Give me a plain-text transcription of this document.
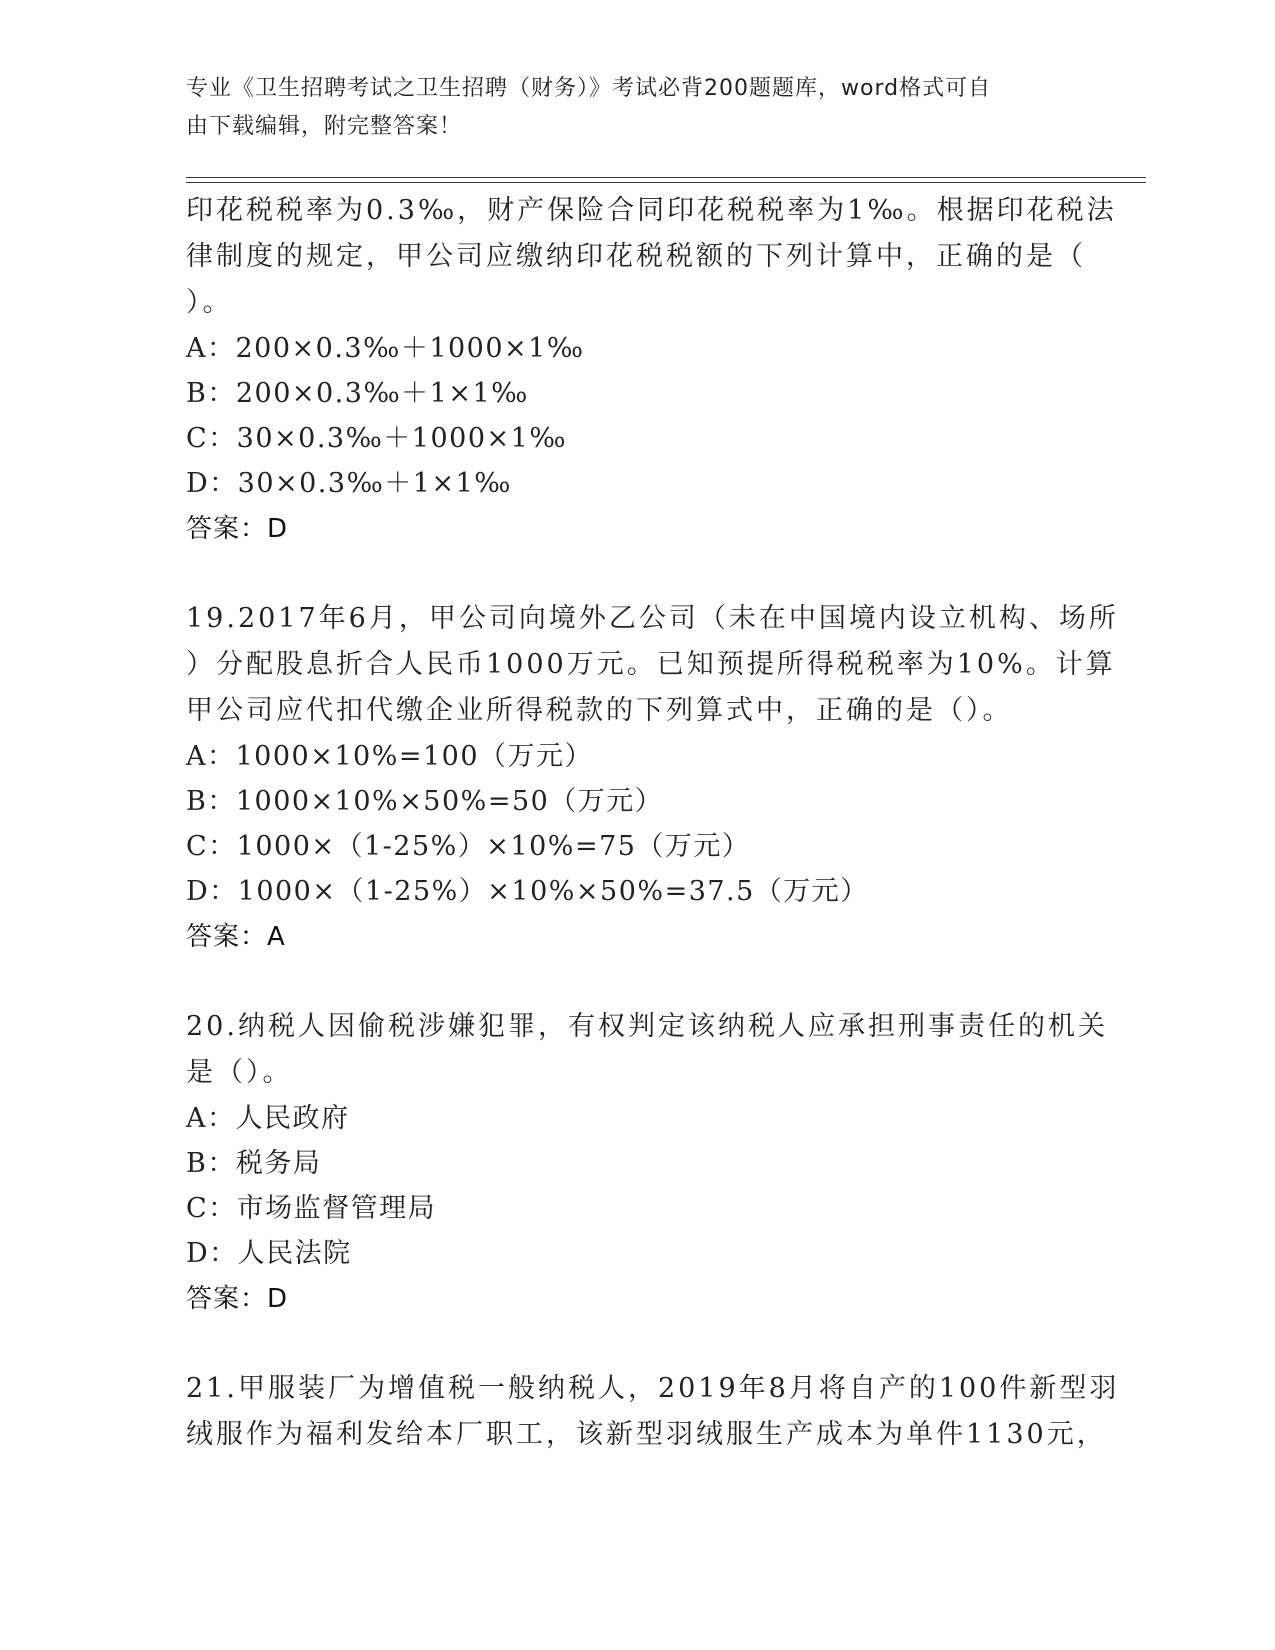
专业《卫生招聘考试之卫生招聘（财务）》考试必背200题题库，word格式可自
由下载编辑，附完整答案！

印花税税率为0.3‰，财产保险合同印花税税率为1‰。根据印花税法

律制度的规定，甲公司应缴纳印花税税额的下列计算中，正确的是（

）。

A：200×0.3‰＋1000×1‰

B：200×0.3‰＋1×1‰

C：30×0.3‰＋1000×1‰

D：30×0.3‰＋1×1‰

答案：D

19.2017年6月，甲公司向境外乙公司（未在中国境内设立机构、场所

）分配股息折合人民币1000万元。已知预提所得税税率为10%。计算

甲公司应代扣代缴企业所得税款的下列算式中，正确的是（）。

A：1000×10%=100（万元）

B：1000×10%×50%=50（万元）

C：1000×（1-25%）×10%=75（万元）

D：1000×（1-25%）×10%×50%=37.5（万元）

答案：A

20.纳税人因偷税涉嫌犯罪，有权判定该纳税人应承担刑事责任的机关

是（）。

A：人民政府

B：税务局

C：市场监督管理局

D：人民法院

答案：D

21.甲服装厂为增值税一般纳税人，2019年8月将自产的100件新型羽

绒服作为福利发给本厂职工，该新型羽绒服生产成本为单件1130元，
